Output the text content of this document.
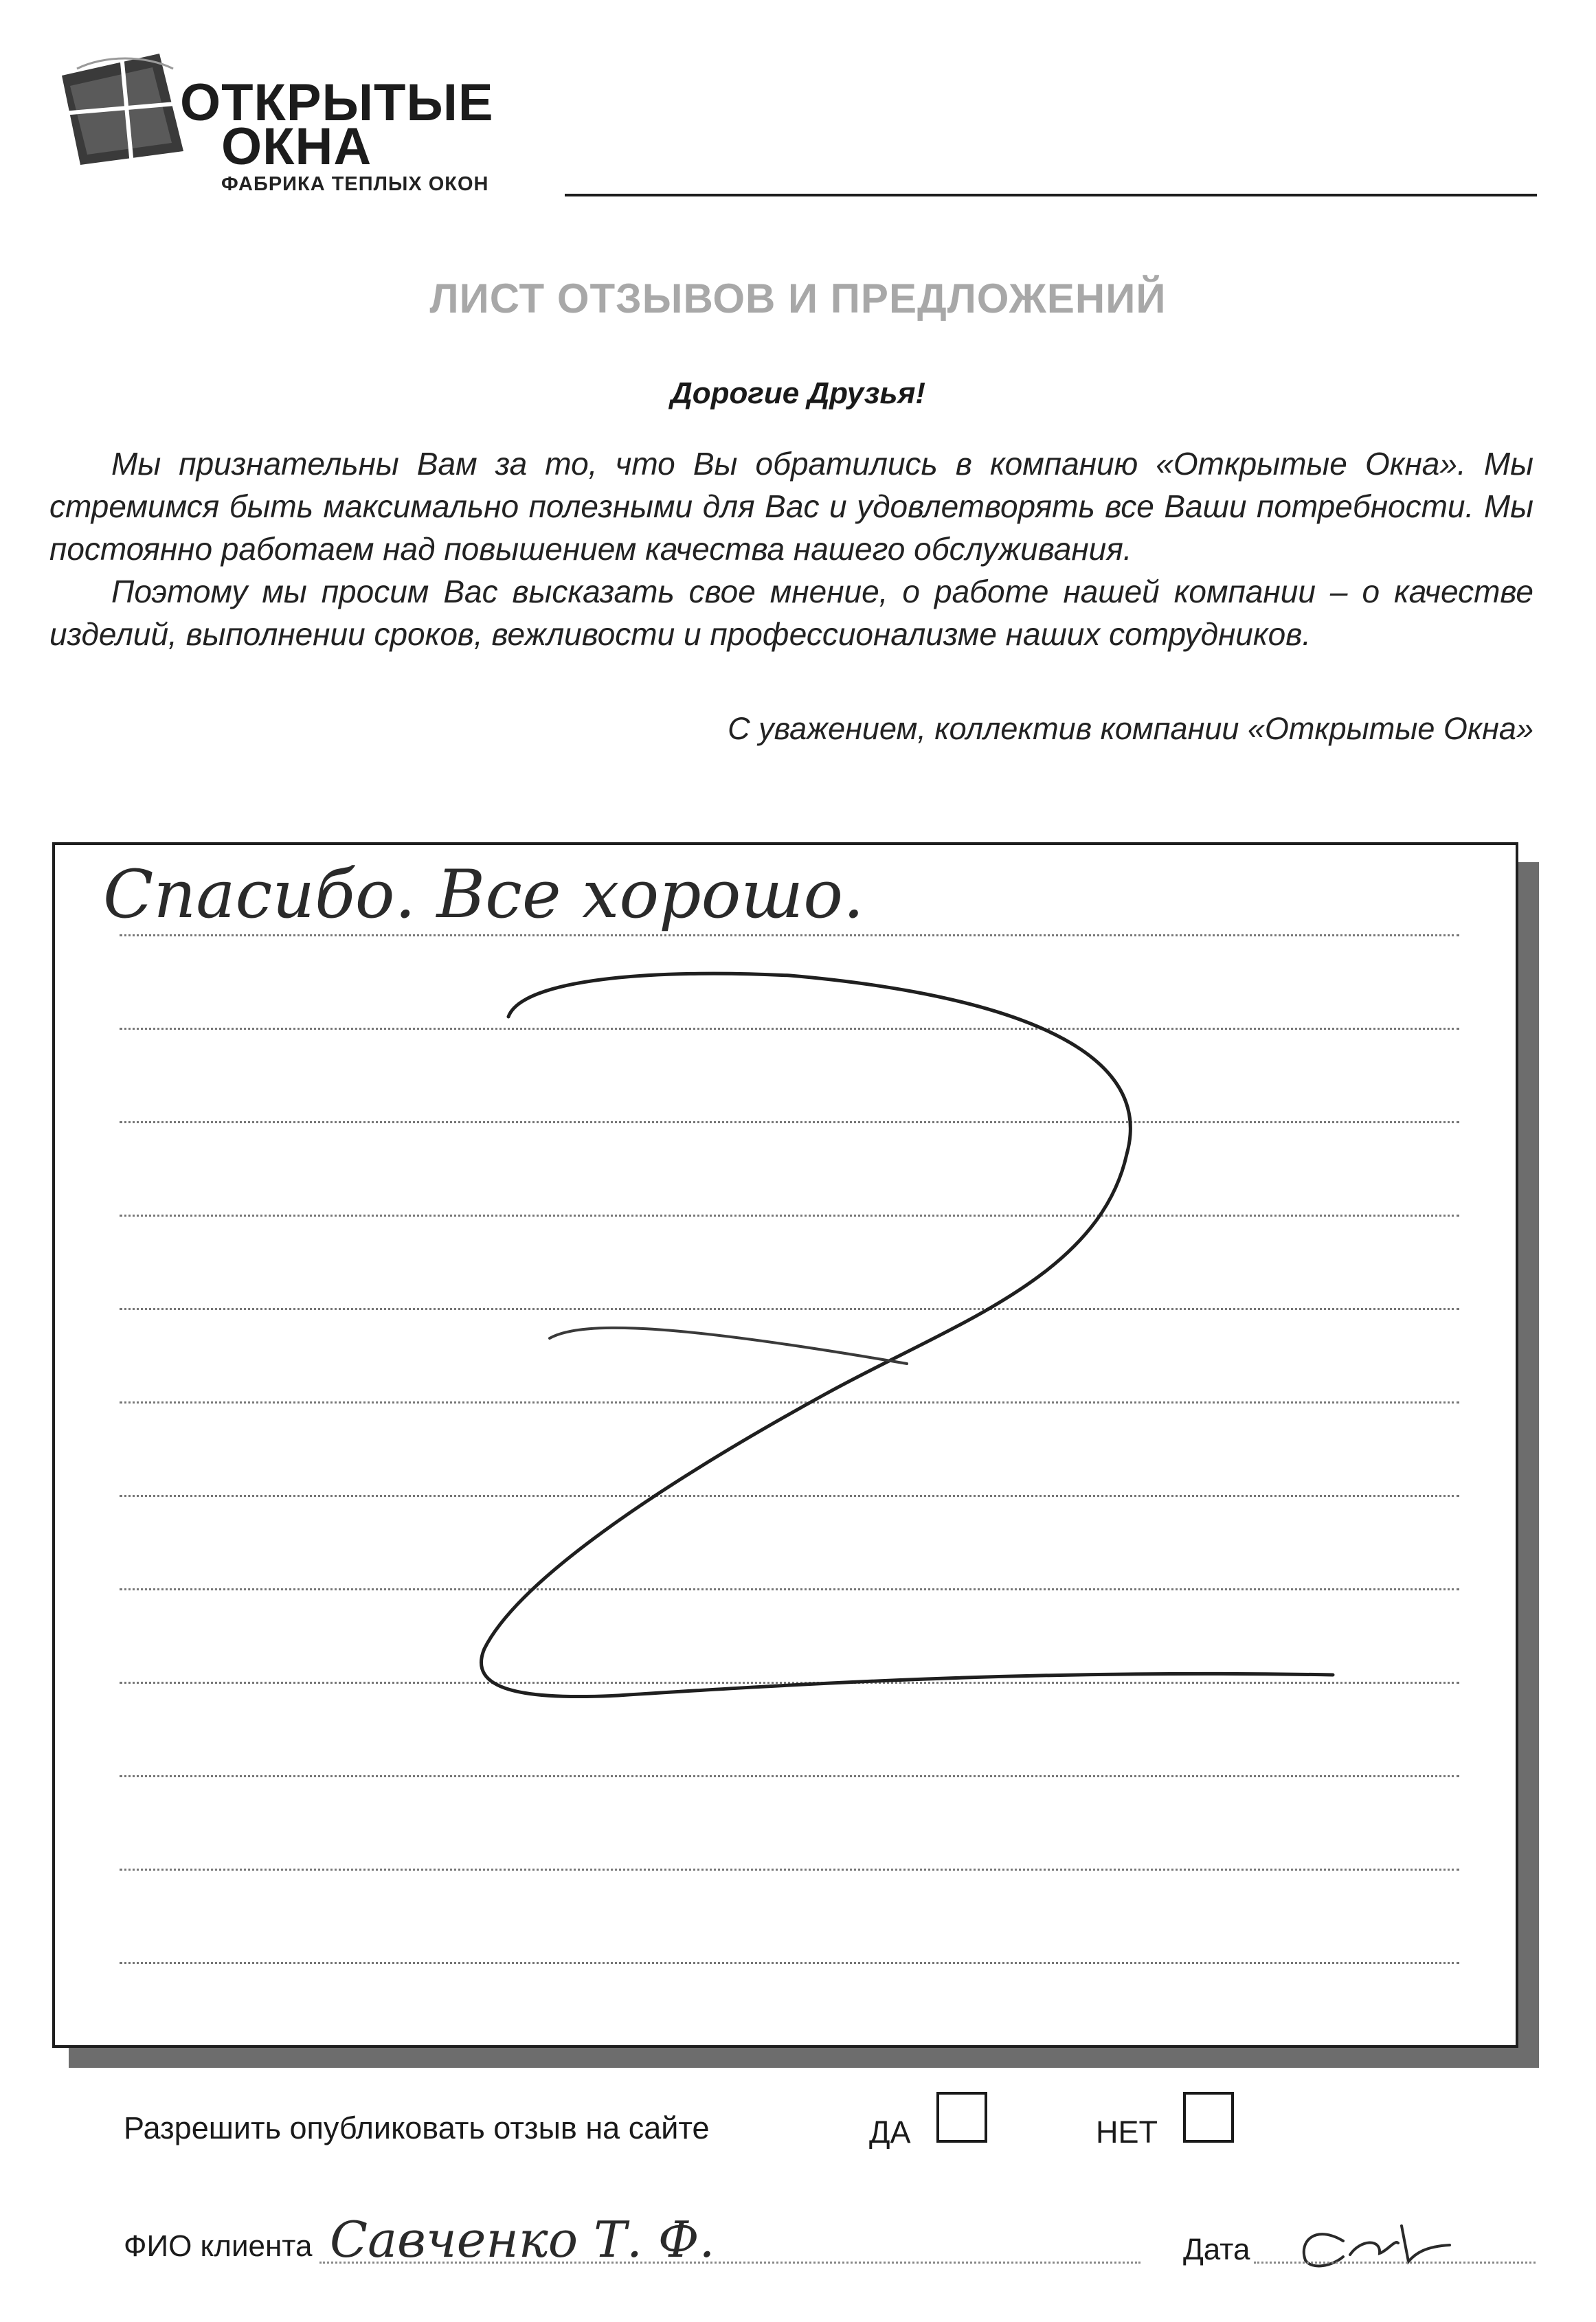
ОТКРЫТЫЕ
ОКНА
ФАБРИКА ТЕПЛЫХ ОКОН
ЛИСТ ОТЗЫВОВ И ПРЕДЛОЖЕНИЙ
Дорогие Друзья!

Мы признательны Вам за то, что Вы обратились в компанию «Открытые Окна». Мы стремимся быть максимально полезными для Вас и удовлетворять все Ваши потребности. Мы постоянно работаем над повышением качества нашего обслуживания.

Поэтому мы просим Вас высказать свое мнение, о работе нашей компании – о качестве изделий, выполнении сроков, вежливости и профессионализме наших сотрудников.

С уважением, коллектив компании «Открытые Окна»
Спасибо. Все хорошо.
Савченко Т. Ф.
Разрешить опубликовать отзыв на сайте	ДА	НЕТ
ФИО клиента	Дата
